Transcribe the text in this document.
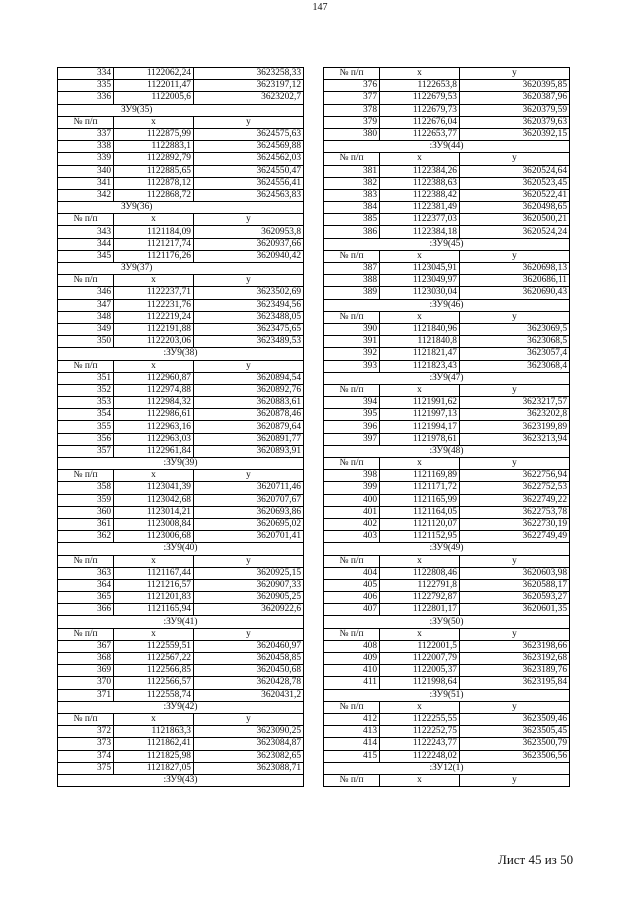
147
334	1122062,24	3623258,33
335	1122011,47	3623197,12
336	1122005,6	3623202,7
ЗУ9(35)		
№ п/п	x	y
337	1122875,99	3624575,63
338	1122883,1	3624569,88
339	1122892,79	3624562,03
340	1122885,65	3624550,47
341	1122878,12	3624556,41
342	1122868,72	3624563,83
ЗУ9(36)		
№ п/п	x	y
343	1121184,09	3620953,8
344	1121217,74	3620937,66
345	1121176,26	3620940,42
ЗУ9(37)		
№ п/п	x	y
346	1122237,71	3623502,69
347	1122231,76	3623494,56
348	1122219,24	3623488,05
349	1122191,88	3623475,65
350	1122203,06	3623489,53
:ЗУ9(38)		
№ п/п	x	y
351	1122960,87	3620894,54
352	1122974,88	3620892,76
353	1122984,32	3620883,61
354	1122986,61	3620878,46
355	1122963,16	3620879,64
356	1122963,03	3620891,77
357	1122961,84	3620893,91
:ЗУ9(39)		
№ п/п	x	y
358	1123041,39	3620711,46
359	1123042,68	3620707,67
360	1123014,21	3620693,86
361	1123008,84	3620695,02
362	1123006,68	3620701,41
:ЗУ9(40)		
№ п/п	x	y
363	1121167,44	3620925,15
364	1121216,57	3620907,33
365	1121201,83	3620905,25
366	1121165,94	3620922,6
:ЗУ9(41)		
№ п/п	x	y
367	1122559,51	3620460,97
368	1122567,22	3620458,85
369	1122566,85	3620450,68
370	1122566,57	3620428,78
371	1122558,74	3620431,2
:ЗУ9(42)		
№ п/п	x	y
372	1121863,3	3623090,25
373	1121862,41	3623084,87
374	1121825,98	3623082,65
375	1121827,05	3623088,71
:ЗУ9(43)		
№ п/п	x	y
376	1122653,8	3620395,85
377	1122679,53	3620387,96
378	1122679,73	3620379,59
379	1122676,04	3620379,63
380	1122653,77	3620392,15
:ЗУ9(44)		
№ п/п	x	y
381	1122384,26	3620524,64
382	1122388,63	3620523,45
383	1122388,42	3620522,41
384	1122381,49	3620498,65
385	1122377,03	3620500,21
386	1122384,18	3620524,24
:ЗУ9(45)		
№ п/п	x	y
387	1123045,91	3620698,13
388	1123049,97	3620686,11
389	1123030,04	3620690,43
:ЗУ9(46)		
№ п/п	x	y
390	1121840,96	3623069,5
391	1121840,8	3623068,5
392	1121821,47	3623057,4
393	1121823,43	3623068,4
:ЗУ9(47)		
№ п/п	x	y
394	1121991,62	3623217,57
395	1121997,13	3623202,8
396	1121994,17	3623199,89
397	1121978,61	3623213,94
:ЗУ9(48)		
№ п/п	x	y
398	1121169,89	3622756,94
399	1121171,72	3622752,53
400	1121165,99	3622749,22
401	1121164,05	3622753,78
402	1121120,07	3622730,19
403	1121152,95	3622749,49
:ЗУ9(49)		
№ п/п	x	y
404	1122808,46	3620603,98
405	1122791,8	3620588,17
406	1122792,87	3620593,27
407	1122801,17	3620601,35
:ЗУ9(50)		
№ п/п	x	y
408	1122001,5	3623198,66
409	1122007,79	3623192,68
410	1122005,37	3623189,76
411	1121998,64	3623195,84
:ЗУ9(51)		
№ п/п	x	y
412	1122255,55	3623509,46
413	1122252,75	3623505,45
414	1122243,77	3623500,79
415	1122248,02	3623506,56
:ЗУ12(1)		
№ п/п	x	y
Лист 45 из 50
